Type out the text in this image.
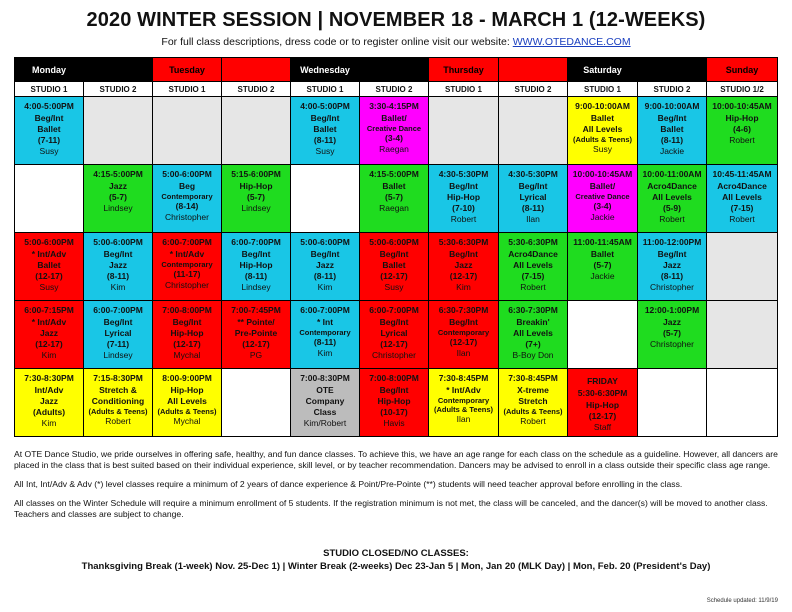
2020 WINTER SESSION | NOVEMBER 18 - MARCH 1 (12-WEEKS)
For full class descriptions, dress code or to register online visit our website: WWW.OTEDANCE.COM
Monday		Tuesday		Wednesday		Thursday		Saturday		Sunday
STUDIO 1	STUDIO 2	STUDIO 1	STUDIO 2	STUDIO 1	STUDIO 2	STUDIO 1	STUDIO 2	STUDIO 1	STUDIO 2	STUDIO 1/2

4:00-5:00PM
Beg/Int
Ballet
(7-11)
Susy				4:00-5:00PM
Beg/Int
Ballet
(8-11)
Susy	3:30-4:15PM
Ballet/
Creative Dance
(3-4)
Raegan			9:00-10:00AM
Ballet
All Levels
(Adults & Teens)
Susy	9:00-10:00AM
Beg/Int
Ballet
(8-11)
Jackie	10:00-10:45AM
Hip-Hop
(4-6)
Robert

	4:15-5:00PM
Jazz
(5-7)
Lindsey	5:00-6:00PM
Beg
Contemporary
(8-14)
Christopher	5:15-6:00PM
Hip-Hop
(5-7)
Lindsey		4:15-5:00PM
Ballet
(5-7)
Raegan	4:30-5:30PM
Beg/Int
Hip-Hop
(7-10)
Robert	4:30-5:30PM
Beg/Int
Lyrical
(8-11)
Ilan	10:00-10:45AM
Ballet/
Creative Dance
(3-4)
Jackie	10:00-11:00AM
Acro4Dance
All Levels
(5-9)
Robert	10:45-11:45AM
Acro4Dance
All Levels
(7-15)
Robert

5:00-6:00PM
* Int/Adv
Ballet
(12-17)
Susy	5:00-6:00PM
Beg/Int
Jazz
(8-11)
Kim	6:00-7:00PM
* Int/Adv
Contemporary
(11-17)
Christopher	6:00-7:00PM
Beg/Int
Hip-Hop
(8-11)
Lindsey	5:00-6:00PM
Beg/Int
Jazz
(8-11)
Kim	5:00-6:00PM
Beg/Int
Ballet
(12-17)
Susy	5:30-6:30PM
Beg/Int
Jazz
(12-17)
Kim	5:30-6:30PM
Acro4Dance
All Levels
(7-15)
Robert	11:00-11:45AM
Ballet
(5-7)
Jackie	11:00-12:00PM
Beg/Int
Jazz
(8-11)
Christopher	

6:00-7:15PM
* Int/Adv
Jazz
(12-17)
Kim	6:00-7:00PM
Beg/Int
Lyrical
(7-11)
Lindsey	7:00-8:00PM
Beg/Int
Hip-Hop
(12-17)
Mychal	7:00-7:45PM
** Pointe/
Pre-Pointe
(12-17)
PG	6:00-7:00PM
* Int
Contemporary
(8-11)
Kim	6:00-7:00PM
Beg/Int
Lyrical
(12-17)
Christopher	6:30-7:30PM
Beg/Int
Contemporary
(12-17)
Ilan	6:30-7:30PM
Breakin'
All Levels
(7+)
B-Boy Don		12:00-1:00PM
Jazz
(5-7)
Christopher	

7:30-8:30PM
Int/Adv
Jazz
(Adults)
Kim	7:15-8:30PM
Stretch &
Conditioning
(Adults & Teens)
Robert	8:00-9:00PM
Hip-Hop
All Levels
(Adults & Teens)
Mychal		7:00-8:30PM
OTE
Company
Class
Kim/Robert	7:00-8:00PM
Beg/Int
Hip-Hop
(10-17)
Havis	7:30-8:45PM
* Int/Adv
Contemporary
(Adults & Teens)
Ilan	7:30-8:45PM
X-treme
Stretch
(Adults & Teens)
Robert	FRIDAY
5:30-6:30PM
Hip-Hop
(12-17)
Staff		

At OTE Dance Studio, we pride ourselves in offering safe, healthy, and fun dance classes. To achieve this, we have an age range for each class on the schedule as a guideline. However, all dancers are placed in the class that is best suited based on their individual experience, skill level, or by teacher recommendation. Dancers may be advised to enroll in a class outside their specific class age range.

All Int, Int/Adv & Adv (*) level classes require a minimum of 2 years of dance experience & Point/Pre-Pointe (**) students will need teacher approval before enrolling in the class.

All classes on the Winter Schedule will require a minimum enrollment of 5 students. If the registration minimum is not met, the class will be canceled, and the dancer(s) will be moved to another class. Teachers and classes are subject to change.

STUDIO CLOSED/NO CLASSES:
Thanksgiving Break (1-week) Nov. 25-Dec 1) | Winter Break (2-weeks) Dec 23-Jan 5 | Mon, Jan 20 (MLK Day) | Mon, Feb. 20 (President's Day)
Schedule updated: 11/9/19
